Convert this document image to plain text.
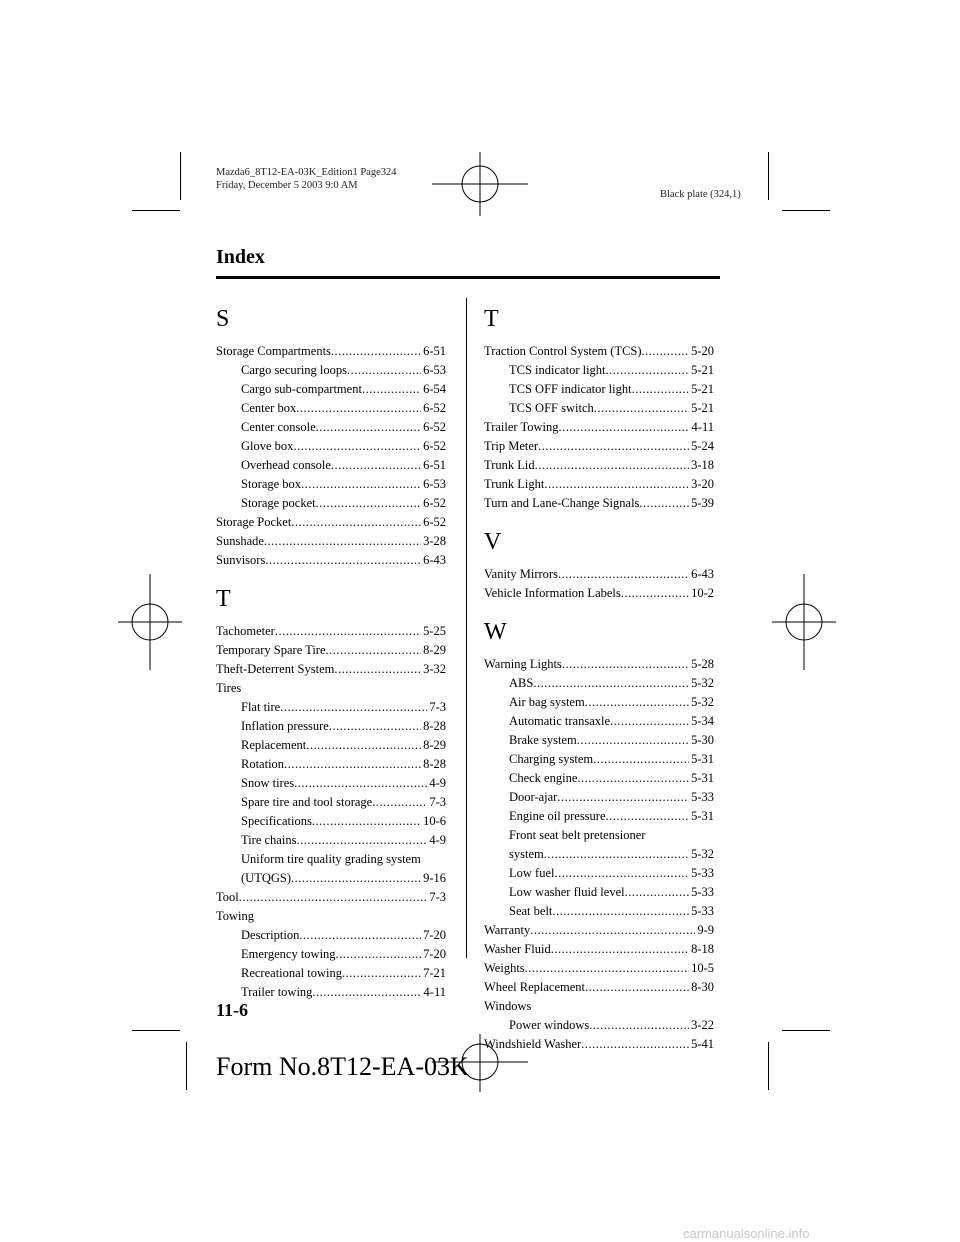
Mazda6_8T12-EA-03K_Edition1 Page324
Friday, December 5 2003 9:0 AM
Black plate (324,1)
Index
S
Storage Compartments .....	6-51
Cargo securing loops .....	6-53
Cargo sub-compartment .....	6-54
Center box .....	6-52
Center console .....	6-52
Glove box .....	6-52
Overhead console .....	6-51
Storage box .....	6-53
Storage pocket .....	6-52
Storage Pocket .....	6-52
Sunshade .....	3-28
Sunvisors .....	6-43
T
Tachometer .....	5-25
Temporary Spare Tire .....	8-29
Theft-Deterrent System .....	3-32
Tires
Flat tire .....	7-3
Inflation pressure .....	8-28
Replacement .....	8-29
Rotation .....	8-28
Snow tires .....	4-9
Spare tire and tool storage .....	7-3
Specifications .....	10-6
Tire chains .....	4-9
Uniform tire quality grading system
(UTQGS) .....	9-16
Tool .....	7-3
Towing
Description .....	7-20
Emergency towing .....	7-20
Recreational towing .....	7-21
Trailer towing .....	4-11
T
Traction Control System (TCS) .....	5-20
TCS indicator light .....	5-21
TCS OFF indicator light .....	5-21
TCS OFF switch .....	5-21
Trailer Towing .....	4-11
Trip Meter .....	5-24
Trunk Lid .....	3-18
Trunk Light .....	3-20
Turn and Lane-Change Signals .....	5-39
V
Vanity Mirrors .....	6-43
Vehicle Information Labels .....	10-2
W
Warning Lights .....	5-28
ABS .....	5-32
Air bag system .....	5-32
Automatic transaxle .....	5-34
Brake system .....	5-30
Charging system .....	5-31
Check engine .....	5-31
Door-ajar .....	5-33
Engine oil pressure .....	5-31
Front seat belt pretensioner
system .....	5-32
Low fuel .....	5-33
Low washer fluid level .....	5-33
Seat belt .....	5-33
Warranty .....	9-9
Washer Fluid .....	8-18
Weights .....	10-5
Wheel Replacement .....	8-30
Windows
Power windows .....	3-22
Windshield Washer .....	5-41
11-6
Form No.8T12-EA-03K
carmanualsonline.info
